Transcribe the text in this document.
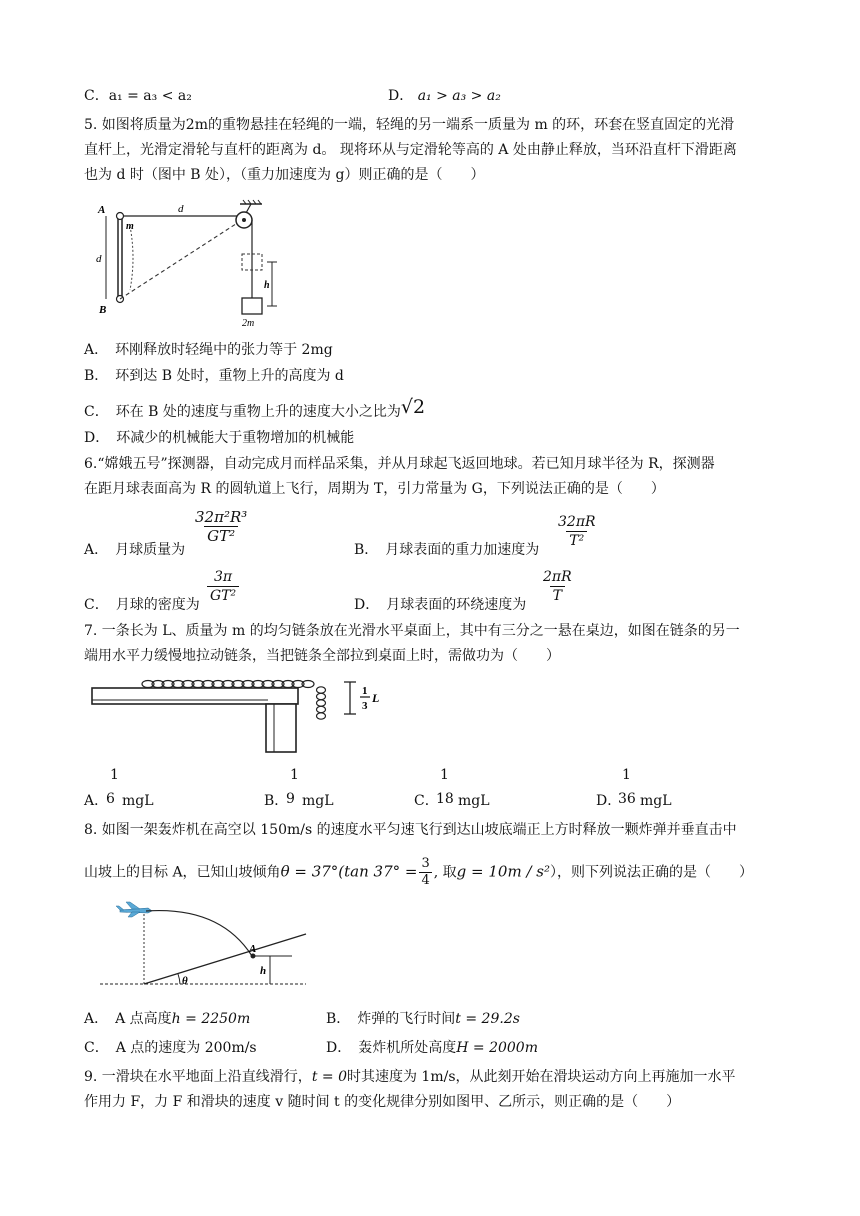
C．a₁ = a₃ < a₂	D． a₁ > a₃ > a₂
5. 如图将质量为2m的重物悬挂在轻绳的一端，轻绳的另一端系一质量为 m 的环，环套在竖直固定的光滑
直杆上，光滑定滑轮与直杆的距离为 d。 现将环从与定滑轮等高的 A 处由静止释放，当环沿直杆下滑距离
也为 d 时（图中 B 处），（重力加速度为 g）则正确的是（　　）
A
B
m
d
d
h
2m
A．　环刚释放时轻绳中的张力等于 2mg
B．　环到达 B 处时，重物上升的高度为 d
C．　环在 B 处的速度与重物上升的速度大小之比为√2
D．　环减少的机械能大于重物增加的机械能
6.“嫦娥五号”探测器，自动完成月而样品采集，并从月球起飞返回地球。若已知月球半径为 R，探测器
在距月球表面高为 R 的圆轨道上飞行，周期为 T，引力常量为 G，下列说法正确的是（　　）
A．　月球质量为
$\frac{\text{32π²R³}}{\text{GT²}}$
B．　月球表面的重力加速度为 $\frac{32\pi R}{\text{T²}}$
C．　月球的密度为 $\frac{3\pi}{\text{GT²}}$	D．　月球表面的环绕速度为 $\frac{2\pi R}{T}$
7. 一条长为 L、质量为 m 的均匀链条放在光滑水平桌面上，其中有三分之一悬在桌边，如图在链条的另一
端用水平力缓慢地拉动链条，当把链条全部拉到桌面上时，需做功为（　　）
1
3
L
A．
1
6 mgL	B．
1
9 mgL	C．
1
18 mgL	D．
1
36 mgL
8. 如图一架轰炸机在高空以 150m/s 的速度水平匀速飞行到达山坡底端正上方时释放一颗炸弹并垂直击中
山坡上的目标 A，已知山坡倾角θ = 37°(tan $37^\circ = \frac{3}{4}$ , 取g = 10m / s²），则下列说法正确的是（　　）
A
h
θ
A．　A 点高度h = 2250m	B．　炸弹的飞行时间t = 29.2s
C．　A 点的速度为 200m/s	D．　轰炸机所处高度H = 2000m
9. 一滑块在水平地面上沿直线滑行，t = 0时其速度为 1m/s，从此刻开始在滑块运动方向上再施加一水平
作用力 F，力 F 和滑块的速度 v 随时间 t 的变化规律分别如图甲、乙所示，则正确的是（　　）
